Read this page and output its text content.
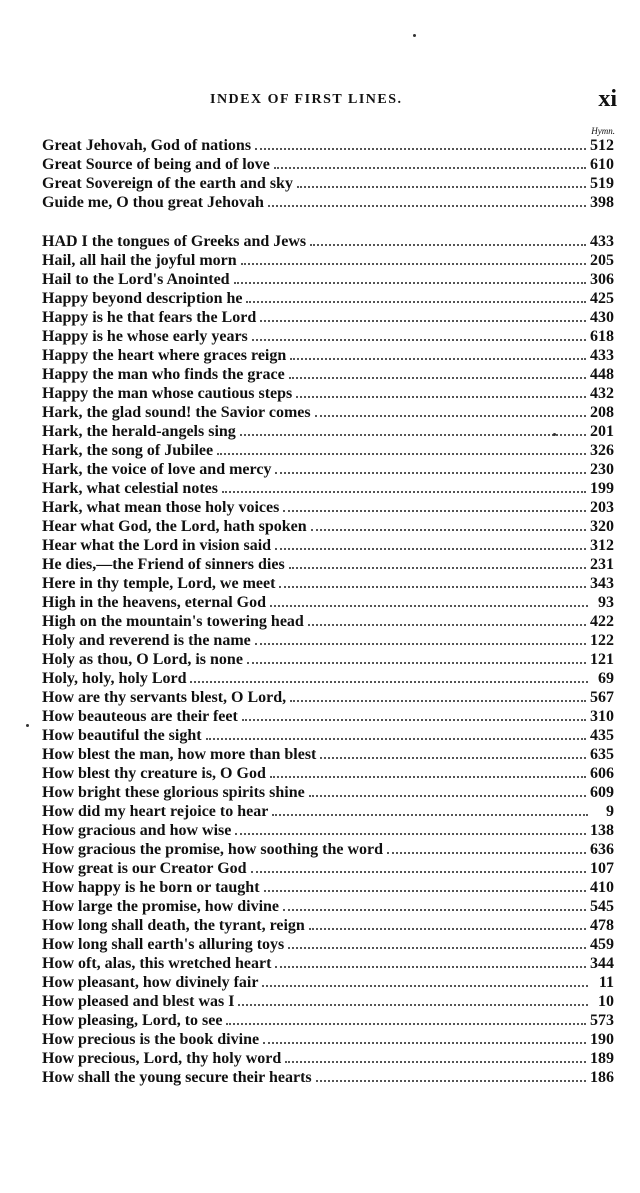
INDEX OF FIRST LINES.	xi
Hymn.
Great Jehovah, God of nations	512
Great Source of being and of love	610
Great Sovereign of the earth and sky	519
Guide me, O thou great Jehovah	398
HAD I the tongues of Greeks and Jews	433
Hail, all hail the joyful morn	205
Hail to the Lord's Anointed	306
Happy beyond description he	425
Happy is he that fears the Lord	430
Happy is he whose early years	618
Happy the heart where graces reign	433
Happy the man who finds the grace	448
Happy the man whose cautious steps	432
Hark, the glad sound! the Savior comes	208
Hark, the herald-angels sing	201
Hark, the song of Jubilee	326
Hark, the voice of love and mercy	230
Hark, what celestial notes	199
Hark, what mean those holy voices	203
Hear what God, the Lord, hath spoken	320
Hear what the Lord in vision said	312
He dies,—the Friend of sinners dies	231
Here in thy temple, Lord, we meet	343
High in the heavens, eternal God	93
High on the mountain's towering head	422
Holy and reverend is the name	122
Holy as thou, O Lord, is none	121
Holy, holy, holy Lord	69
How are thy servants blest, O Lord,	567
How beauteous are their feet	310
How beautiful the sight	435
How blest the man, how more than blest	635
How blest thy creature is, O God	606
How bright these glorious spirits shine	609
How did my heart rejoice to hear	9
How gracious and how wise	138
How gracious the promise, how soothing the word	636
How great is our Creator God	107
How happy is he born or taught	410
How large the promise, how divine	545
How long shall death, the tyrant, reign	478
How long shall earth's alluring toys	459
How oft, alas, this wretched heart	344
How pleasant, how divinely fair	11
How pleased and blest was I	10
How pleasing, Lord, to see	573
How precious is the book divine	190
How precious, Lord, thy holy word	189
How shall the young secure their hearts	186
